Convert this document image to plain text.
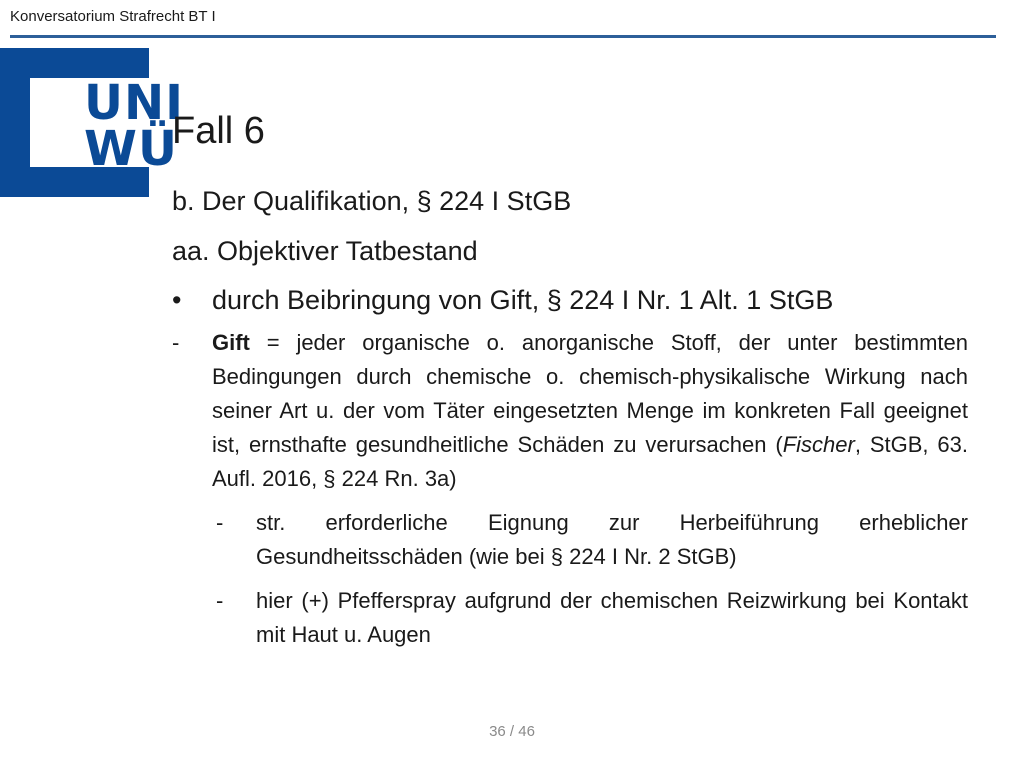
Konversatorium Strafrecht BT I
UNI
WÜ
Fall 6
b. Der Qualifikation, § 224 I StGB
aa. Objektiver Tatbestand
•	durch Beibringung von Gift, § 224 I Nr. 1 Alt. 1 StGB
-	Gift = jeder organische o. anorganische Stoff, der unter bestimmten Bedingungen durch chemische o. chemisch-physikalische Wirkung nach seiner Art u. der vom Täter eingesetzten Menge im konkreten Fall geeignet ist, ernsthafte gesundheitliche Schäden zu verursachen (Fischer, StGB, 63. Aufl. 2016, § 224 Rn. 3a)
-	str. erforderliche Eignung zur Herbeiführung erheblicher Gesundheitsschäden (wie bei § 224 I Nr. 2 StGB)
-	hier (+) Pfefferspray aufgrund der chemischen Reizwirkung bei Kontakt mit Haut u. Augen
36 / 46
